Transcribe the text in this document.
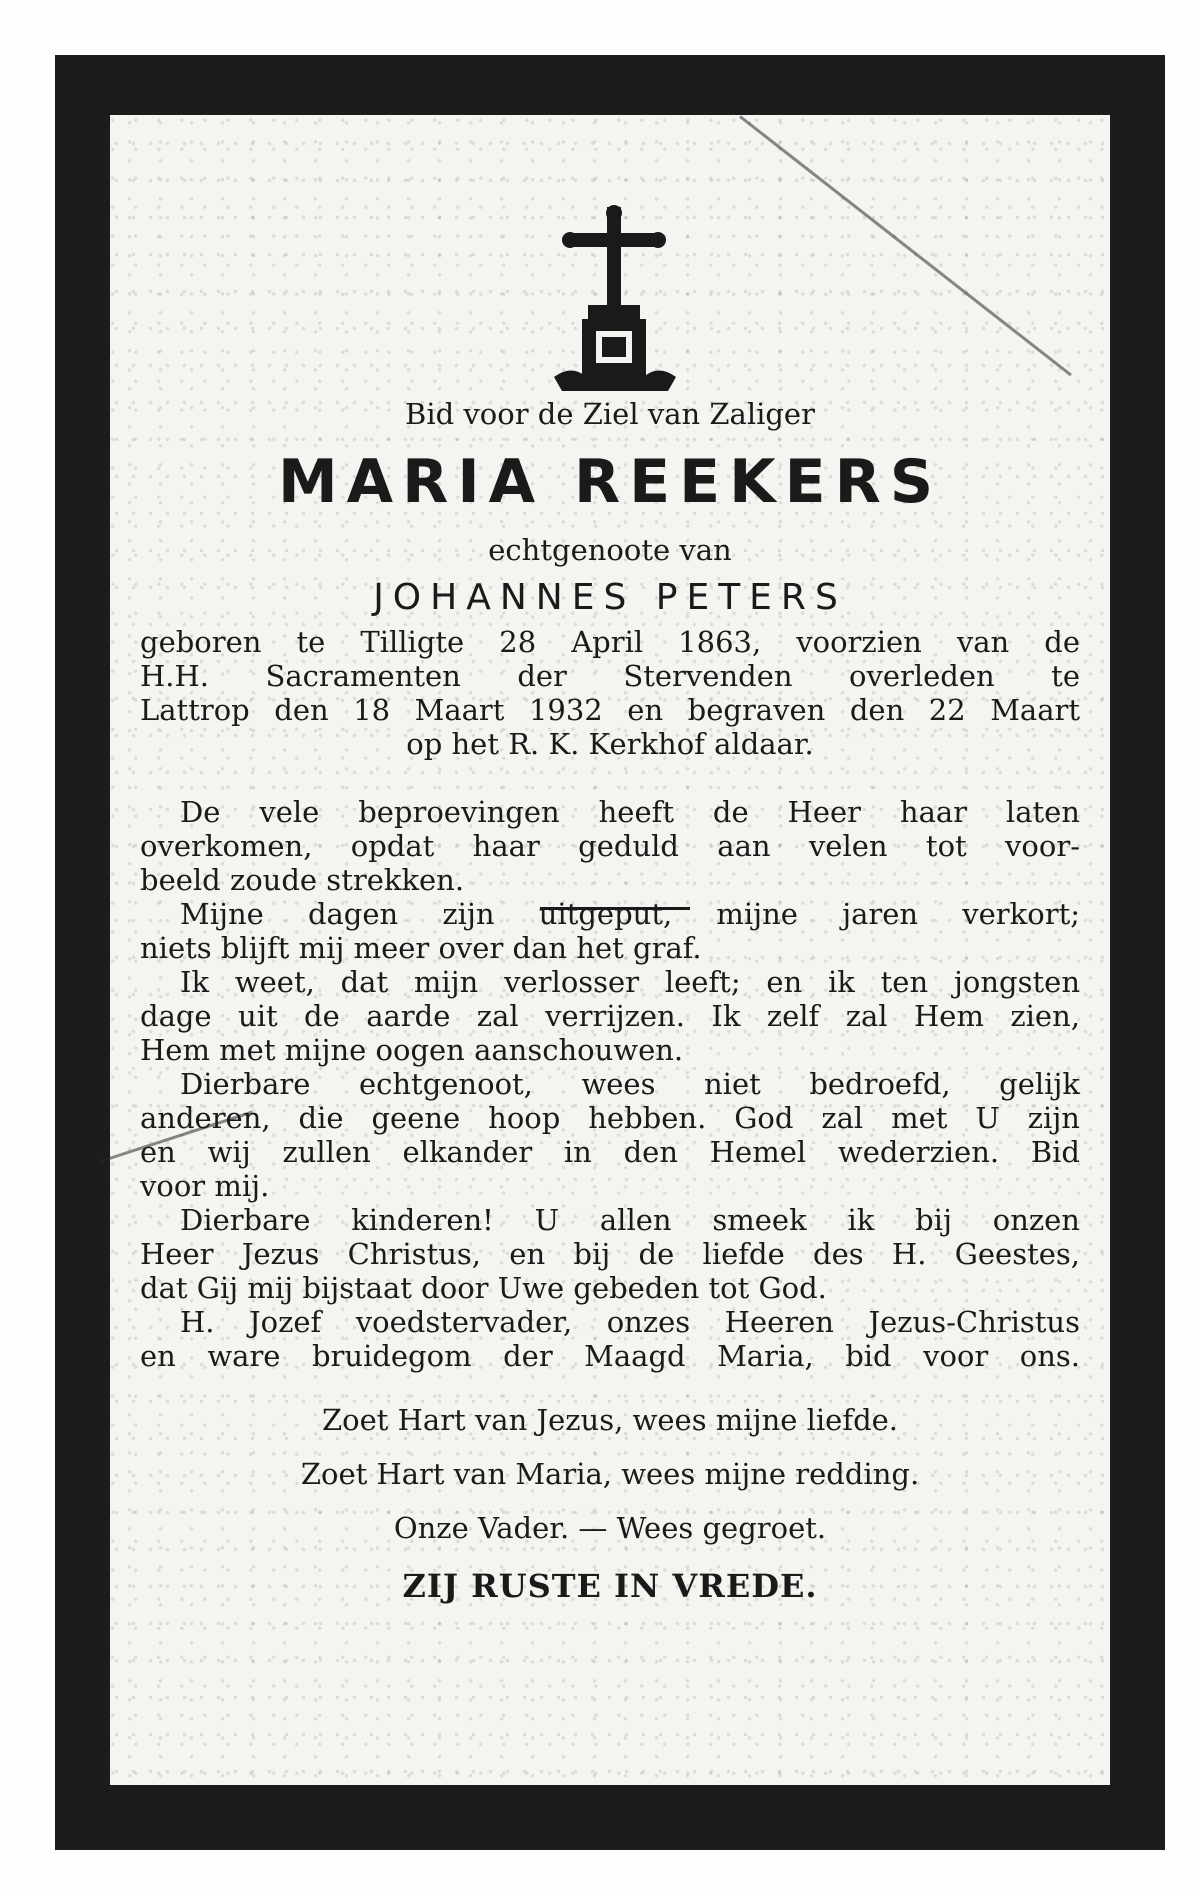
Bid voor de Ziel van Zaliger
MARIA REEKERS
echtgenoote van
JOHANNES PETERS
geboren te Tilligte 28 April 1863, voorzien van de
H.H. Sacramenten der Stervenden overleden te
Lattrop den 18 Maart 1932 en begraven den 22 Maart
op het R. K. Kerkhof aldaar.
De vele beproevingen heeft de Heer haar laten
overkomen, opdat haar geduld aan velen tot voor-
beeld zoude strekken.
Mijne dagen zijn uitgeput, mijne jaren verkort;
niets blijft mij meer over dan het graf.
Ik weet, dat mijn verlosser leeft; en ik ten jongsten
dage uit de aarde zal verrijzen. Ik zelf zal Hem zien,
Hem met mijne oogen aanschouwen.
Dierbare echtgenoot, wees niet bedroefd, gelijk
anderen, die geene hoop hebben. God zal met U zijn
en wij zullen elkander in den Hemel wederzien. Bid
voor mij.
Dierbare kinderen! U allen smeek ik bij onzen
Heer Jezus Christus, en bij de liefde des H. Geestes,
dat Gij mij bijstaat door Uwe gebeden tot God.
H. Jozef voedstervader, onzes Heeren Jezus-Christus
en ware bruidegom der Maagd Maria, bid voor ons.
Zoet Hart van Jezus, wees mijne liefde.
Zoet Hart van Maria, wees mijne redding.
Onze Vader. — Wees gegroet.
ZIJ RUSTE IN VREDE.
